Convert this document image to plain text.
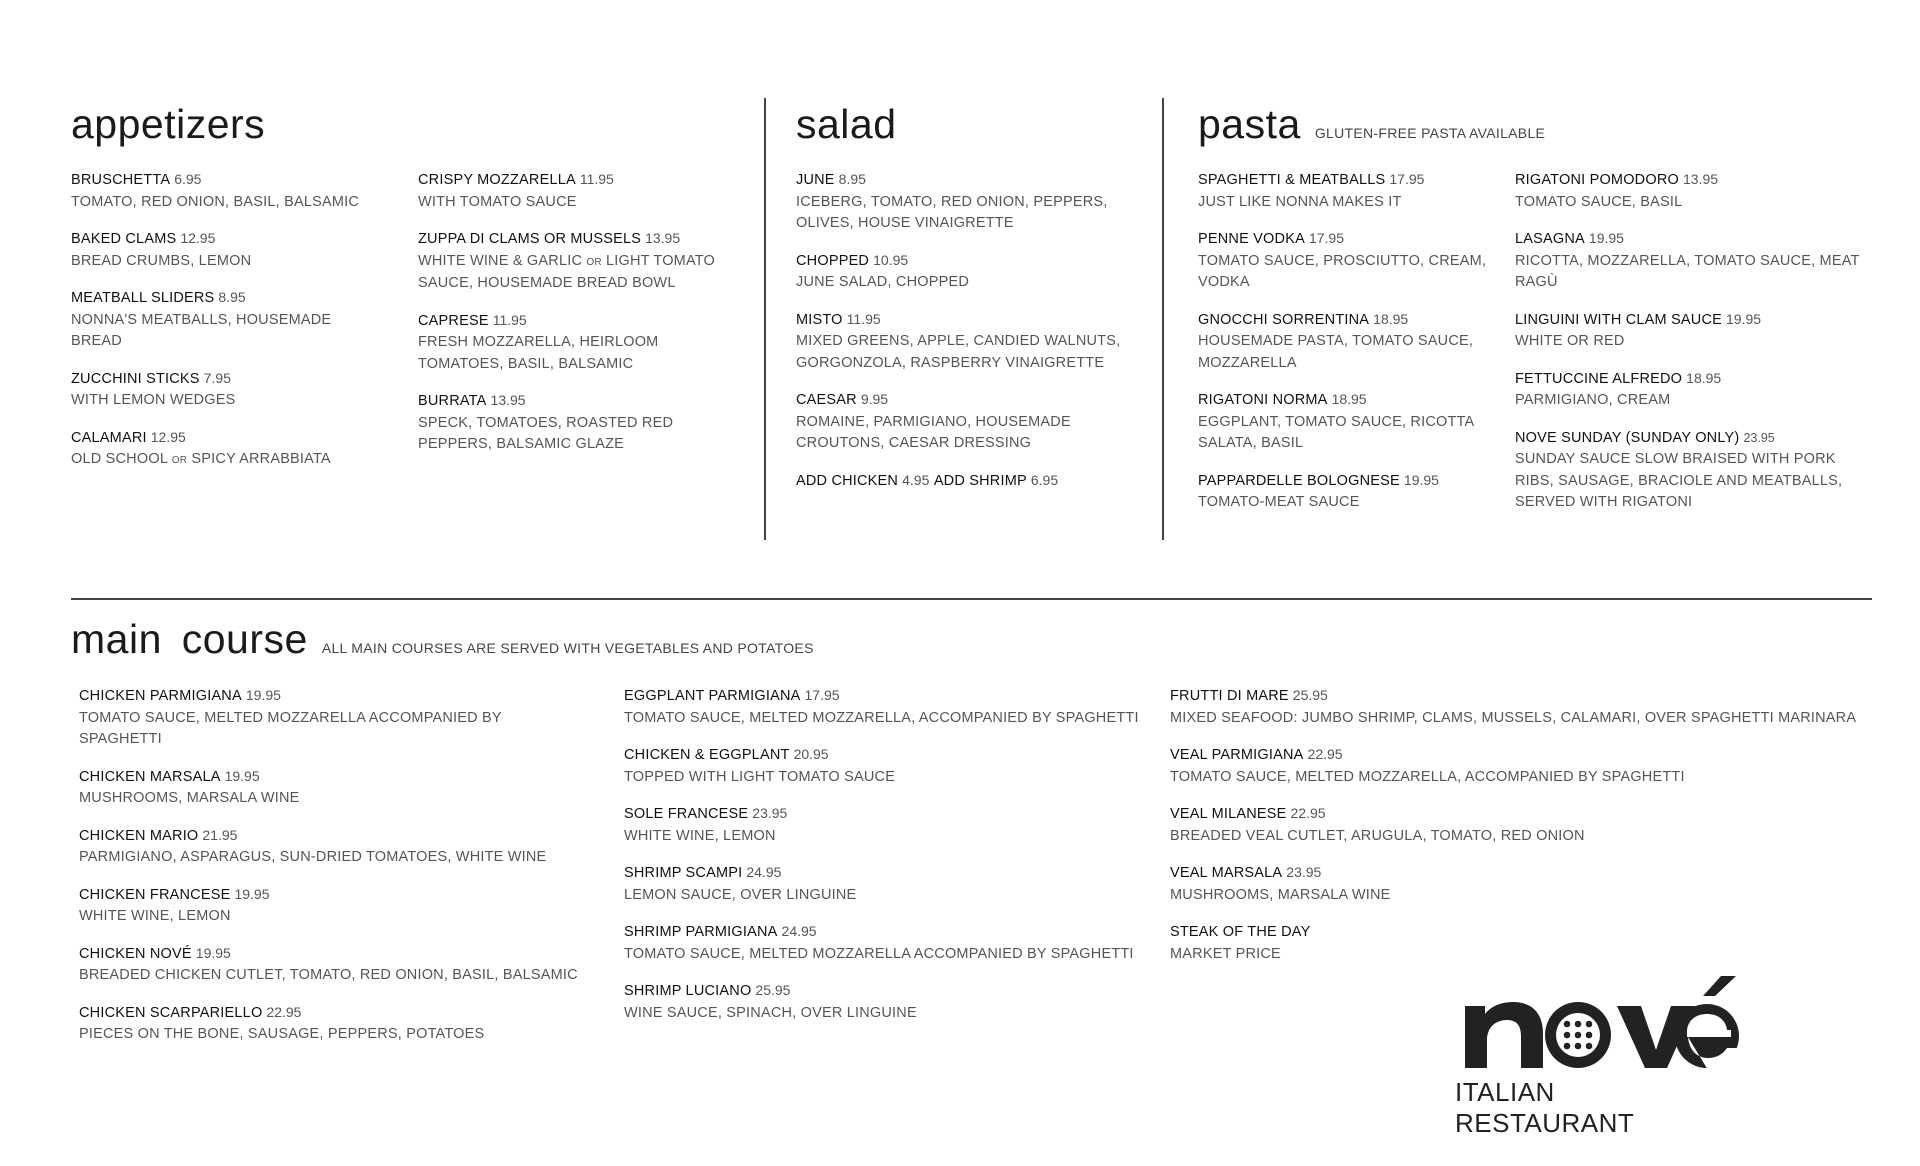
appetizers	salad	pasta GLUTEN-FREE PASTA AVAILABLE
main course ALL MAIN COURSES ARE SERVED WITH VEGETABLES AND POTATOES
BRUSCHETTA 6.95
TOMATO, RED ONION, BASIL, BALSAMIC
BAKED CLAMS 12.95
BREAD CRUMBS, LEMON
MEATBALL SLIDERS 8.95
NONNA'S MEATBALLS, HOUSEMADE BREAD
ZUCCHINI STICKS 7.95
WITH LEMON WEDGES
CALAMARI 12.95
OLD SCHOOL OR SPICY ARRABBIATA
CRISPY MOZZARELLA 11.95
WITH TOMATO SAUCE
ZUPPA DI CLAMS OR MUSSELS 13.95
WHITE WINE & GARLIC OR LIGHT TOMATO SAUCE, HOUSEMADE BREAD BOWL
CAPRESE 11.95
FRESH MOZZARELLA, HEIRLOOM TOMATOES, BASIL, BALSAMIC
BURRATA 13.95
SPECK, TOMATOES, ROASTED RED PEPPERS, BALSAMIC GLAZE
JUNE 8.95
ICEBERG, TOMATO, RED ONION, PEPPERS, OLIVES, HOUSE VINAIGRETTE
CHOPPED 10.95
JUNE SALAD, CHOPPED
MISTO 11.95
MIXED GREENS, APPLE, CANDIED WALNUTS, GORGONZOLA, RASPBERRY VINAIGRETTE
CAESAR 9.95
ROMAINE, PARMIGIANO, HOUSEMADE CROUTONS, CAESAR DRESSING
ADD CHICKEN 4.95 ADD SHRIMP 6.95
SPAGHETTI & MEATBALLS 17.95
JUST LIKE NONNA MAKES IT
PENNE VODKA 17.95
TOMATO SAUCE, PROSCIUTTO, CREAM, VODKA
GNOCCHI SORRENTINA 18.95
HOUSEMADE PASTA, TOMATO SAUCE, MOZZARELLA
RIGATONI NORMA 18.95
EGGPLANT, TOMATO SAUCE, RICOTTA SALATA, BASIL
PAPPARDELLE BOLOGNESE 19.95
TOMATO-MEAT SAUCE
RIGATONI POMODORO 13.95
TOMATO SAUCE, BASIL
LASAGNA 19.95
RICOTTA, MOZZARELLA, TOMATO SAUCE, MEAT RAGÙ
LINGUINI WITH CLAM SAUCE 19.95
WHITE OR RED
FETTUCCINE ALFREDO 18.95
PARMIGIANO, CREAM
NOVE SUNDAY (SUNDAY ONLY) 23.95
SUNDAY SAUCE SLOW BRAISED WITH PORK RIBS, SAUSAGE, BRACIOLE AND MEATBALLS, SERVED WITH RIGATONI
CHICKEN PARMIGIANA 19.95
TOMATO SAUCE, MELTED MOZZARELLA ACCOMPANIED BY SPAGHETTI
CHICKEN MARSALA 19.95
MUSHROOMS, MARSALA WINE
CHICKEN MARIO 21.95
PARMIGIANO, ASPARAGUS, SUN-DRIED TOMATOES, WHITE WINE
CHICKEN FRANCESE 19.95
WHITE WINE, LEMON
CHICKEN NOVÉ 19.95
BREADED CHICKEN CUTLET, TOMATO, RED ONION, BASIL, BALSAMIC
CHICKEN SCARPARIELLO 22.95
PIECES ON THE BONE, SAUSAGE, PEPPERS, POTATOES
EGGPLANT PARMIGIANA 17.95
TOMATO SAUCE, MELTED MOZZARELLA, ACCOMPANIED BY SPAGHETTI
CHICKEN & EGGPLANT 20.95
TOPPED WITH LIGHT TOMATO SAUCE
SOLE FRANCESE 23.95
WHITE WINE, LEMON
SHRIMP SCAMPI 24.95
LEMON SAUCE, OVER LINGUINE
SHRIMP PARMIGIANA 24.95
TOMATO SAUCE, MELTED MOZZARELLA ACCOMPANIED BY SPAGHETTI
SHRIMP LUCIANO 25.95
WINE SAUCE, SPINACH, OVER LINGUINE
FRUTTI DI MARE 25.95
MIXED SEAFOOD: JUMBO SHRIMP, CLAMS, MUSSELS, CALAMARI, OVER SPAGHETTI MARINARA
VEAL PARMIGIANA 22.95
TOMATO SAUCE, MELTED MOZZARELLA, ACCOMPANIED BY SPAGHETTI
VEAL MILANESE 22.95
BREADED VEAL CUTLET, ARUGULA, TOMATO, RED ONION
VEAL MARSALA 23.95
MUSHROOMS, MARSALA WINE
STEAK OF THE DAY
MARKET PRICE
ITALIAN RESTAURANT
